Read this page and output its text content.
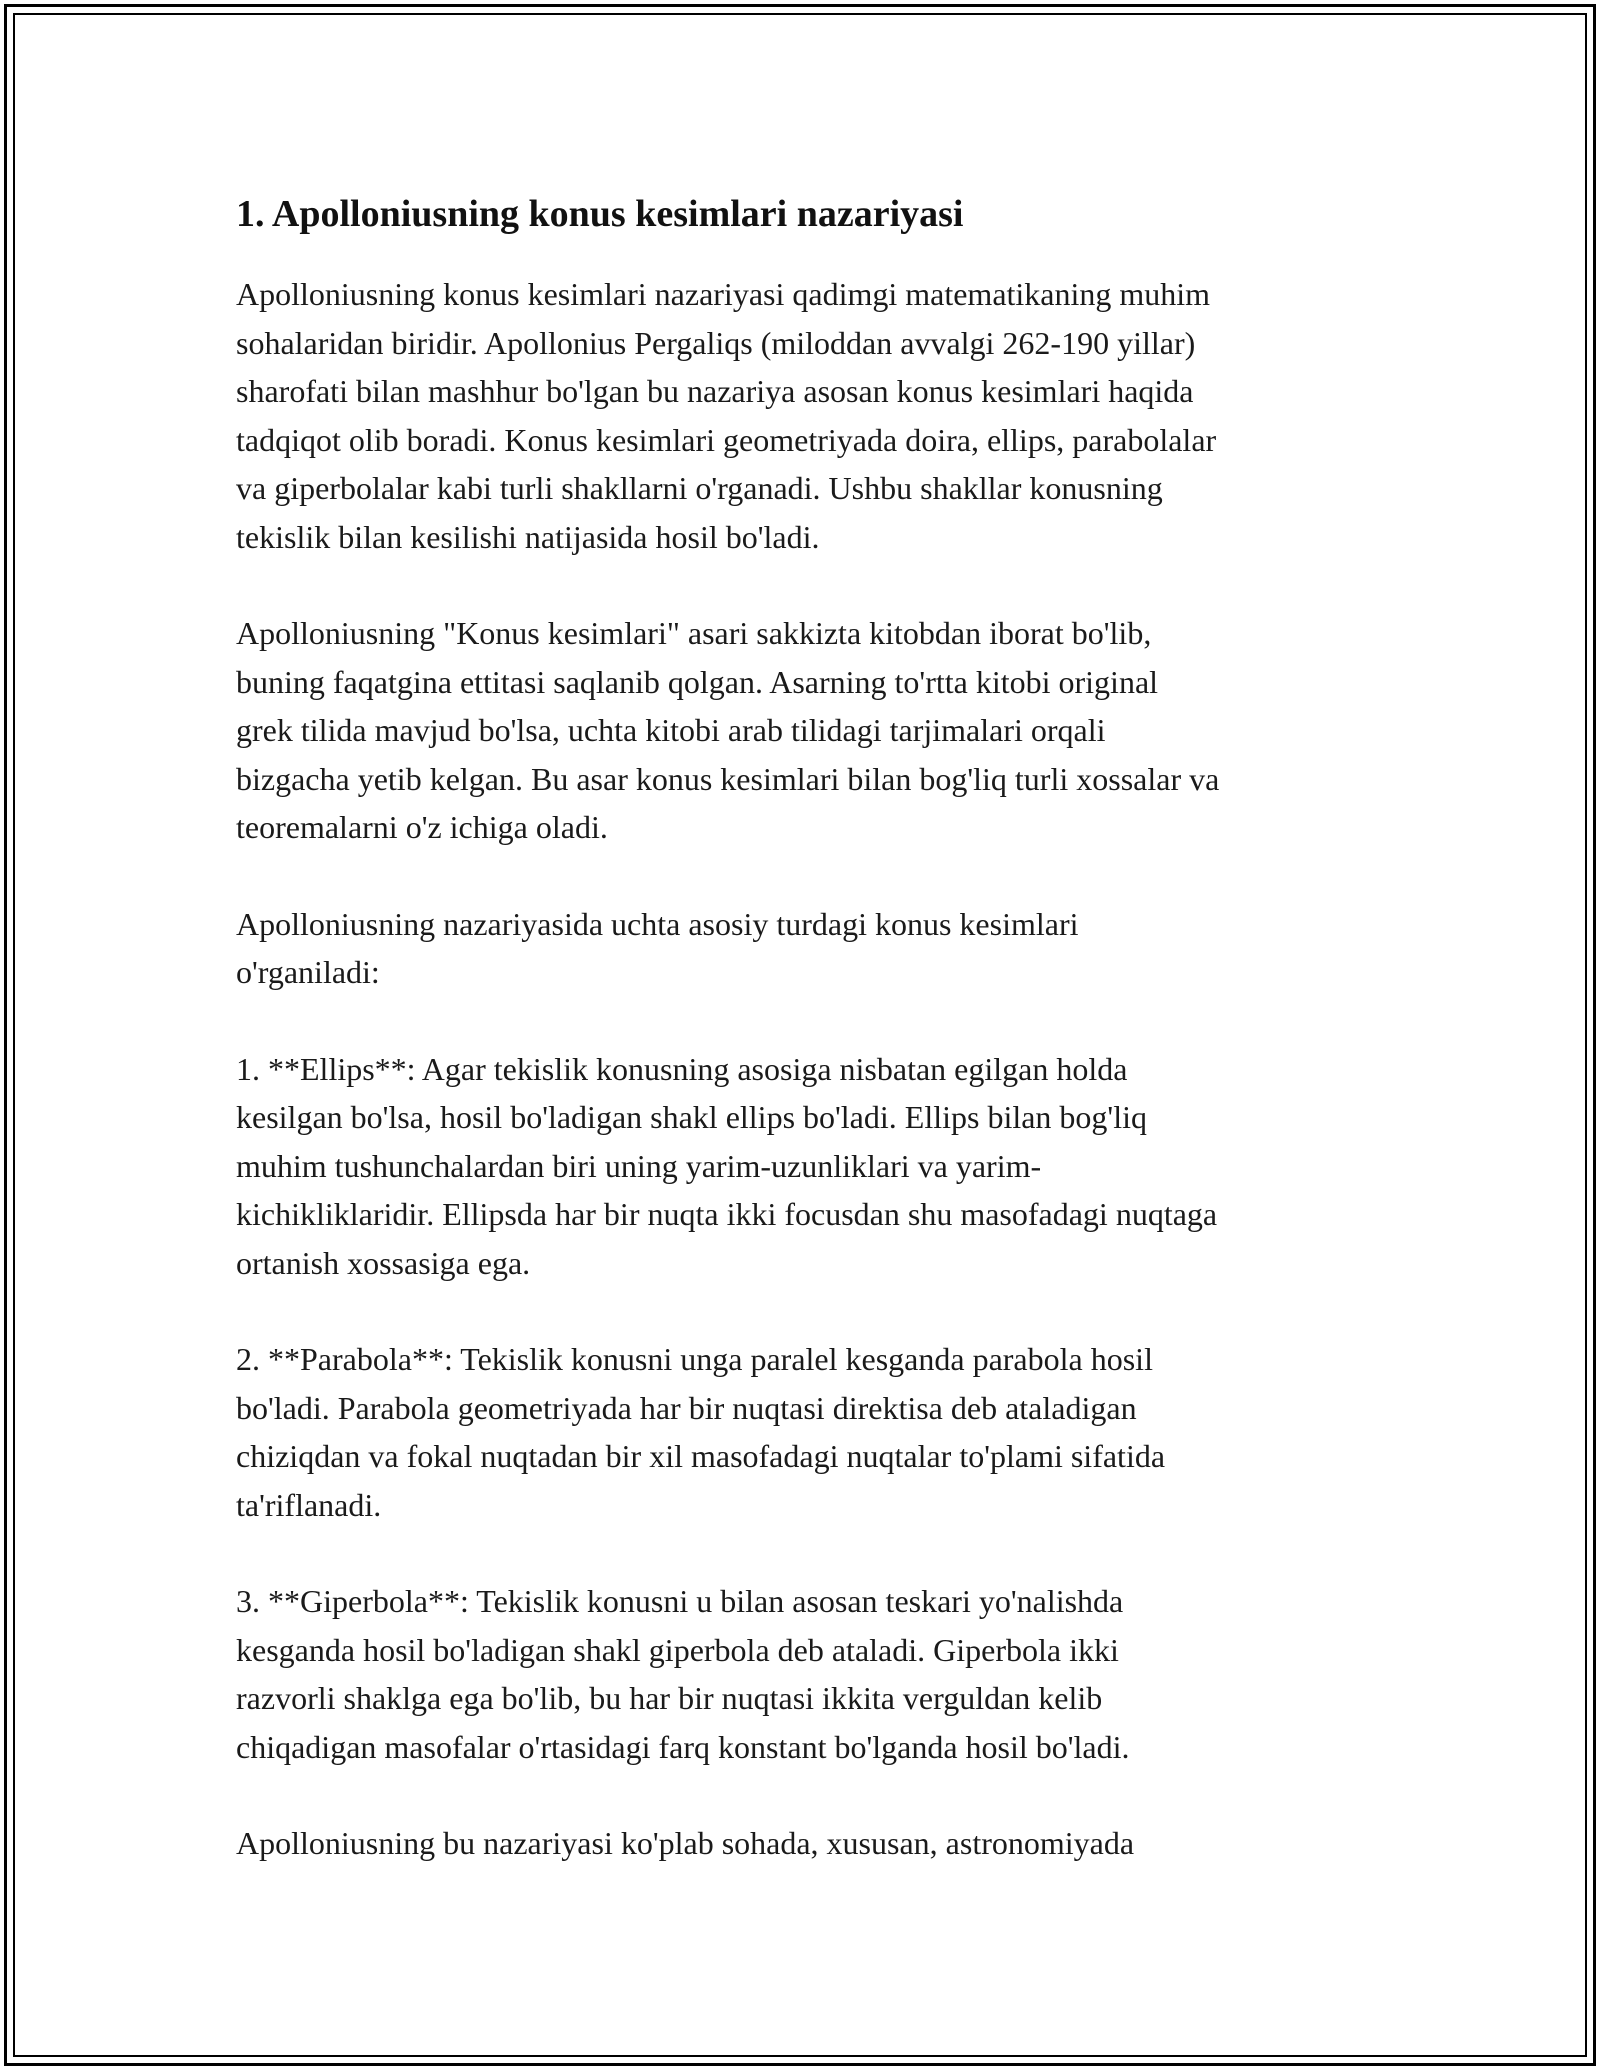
1. Apolloniusning konus kesimlari nazariyasi

Apolloniusning konus kesimlari nazariyasi qadimgi matematikaning muhim
sohalaridan biridir. Apollonius Pergaliqs (miloddan avvalgi 262-190 yillar)
sharofati bilan mashhur bo'lgan bu nazariya asosan konus kesimlari haqida
tadqiqot olib boradi. Konus kesimlari geometriyada doira, ellips, parabolalar
va giperbolalar kabi turli shakllarni o'rganadi. Ushbu shakllar konusning
tekislik bilan kesilishi natijasida hosil bo'ladi.

Apolloniusning "Konus kesimlari" asari sakkizta kitobdan iborat bo'lib,
buning faqatgina ettitasi saqlanib qolgan. Asarning to'rtta kitobi original
grek tilida mavjud bo'lsa, uchta kitobi arab tilidagi tarjimalari orqali
bizgacha yetib kelgan. Bu asar konus kesimlari bilan bog'liq turli xossalar va
teoremalarni o'z ichiga oladi.

Apolloniusning nazariyasida uchta asosiy turdagi konus kesimlari
o'rganiladi:

1. **Ellips**: Agar tekislik konusning asosiga nisbatan egilgan holda
kesilgan bo'lsa, hosil bo'ladigan shakl ellips bo'ladi. Ellips bilan bog'liq
muhim tushunchalardan biri uning yarim-uzunliklari va yarim-
kichikliklaridir. Ellipsda har bir nuqta ikki focusdan shu masofadagi nuqtaga
ortanish xossasiga ega.

2. **Parabola**: Tekislik konusni unga paralel kesganda parabola hosil
bo'ladi. Parabola geometriyada har bir nuqtasi direktisa deb ataladigan
chiziqdan va fokal nuqtadan bir xil masofadagi nuqtalar to'plami sifatida
ta'riflanadi.

3. **Giperbola**: Tekislik konusni u bilan asosan teskari yo'nalishda
kesganda hosil bo'ladigan shakl giperbola deb ataladi. Giperbola ikki
razvorli shaklga ega bo'lib, bu har bir nuqtasi ikkita verguldan kelib
chiqadigan masofalar o'rtasidagi farq konstant bo'lganda hosil bo'ladi.

Apolloniusning bu nazariyasi ko'plab sohada, xususan, astronomiyada
